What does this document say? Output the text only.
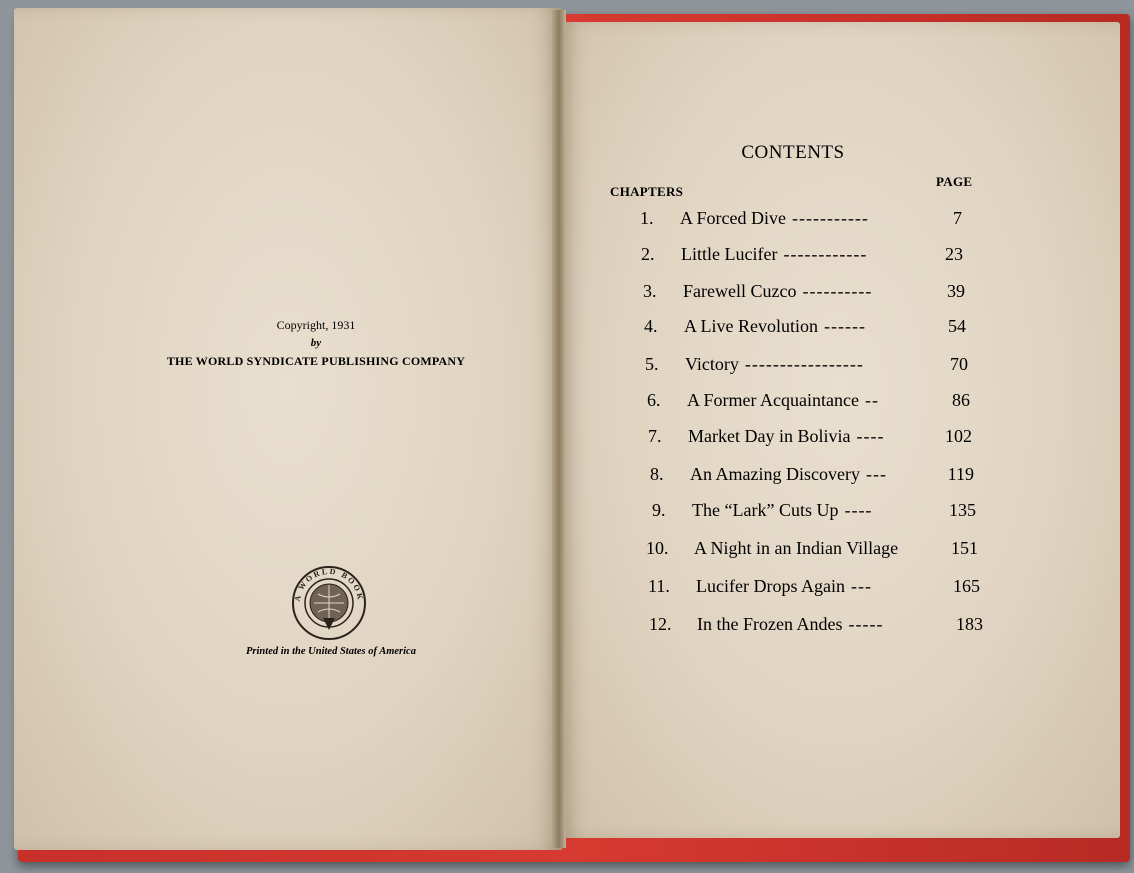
Copyright, 1931
by
THE WORLD SYNDICATE PUBLISHING COMPANY
A WORLD BOOK
Printed in the United States of America
CONTENTS
CHAPTERS
PAGE
1.	A Forced Dive -----------	7
2.	Little Lucifer ------------	23
3.	Farewell Cuzco ----------	39
4.	A Live Revolution ------	54
5.	Victory -----------------	70
6.	A Former Acquaintance --	86
7.	Market Day in Bolivia ----	102
8.	An Amazing Discovery ---	119
9.	The “Lark” Cuts Up ----	135
10.	A Night in an Indian Village	151
11.	Lucifer Drops Again ---	165
12.	In the Frozen Andes -----	183
